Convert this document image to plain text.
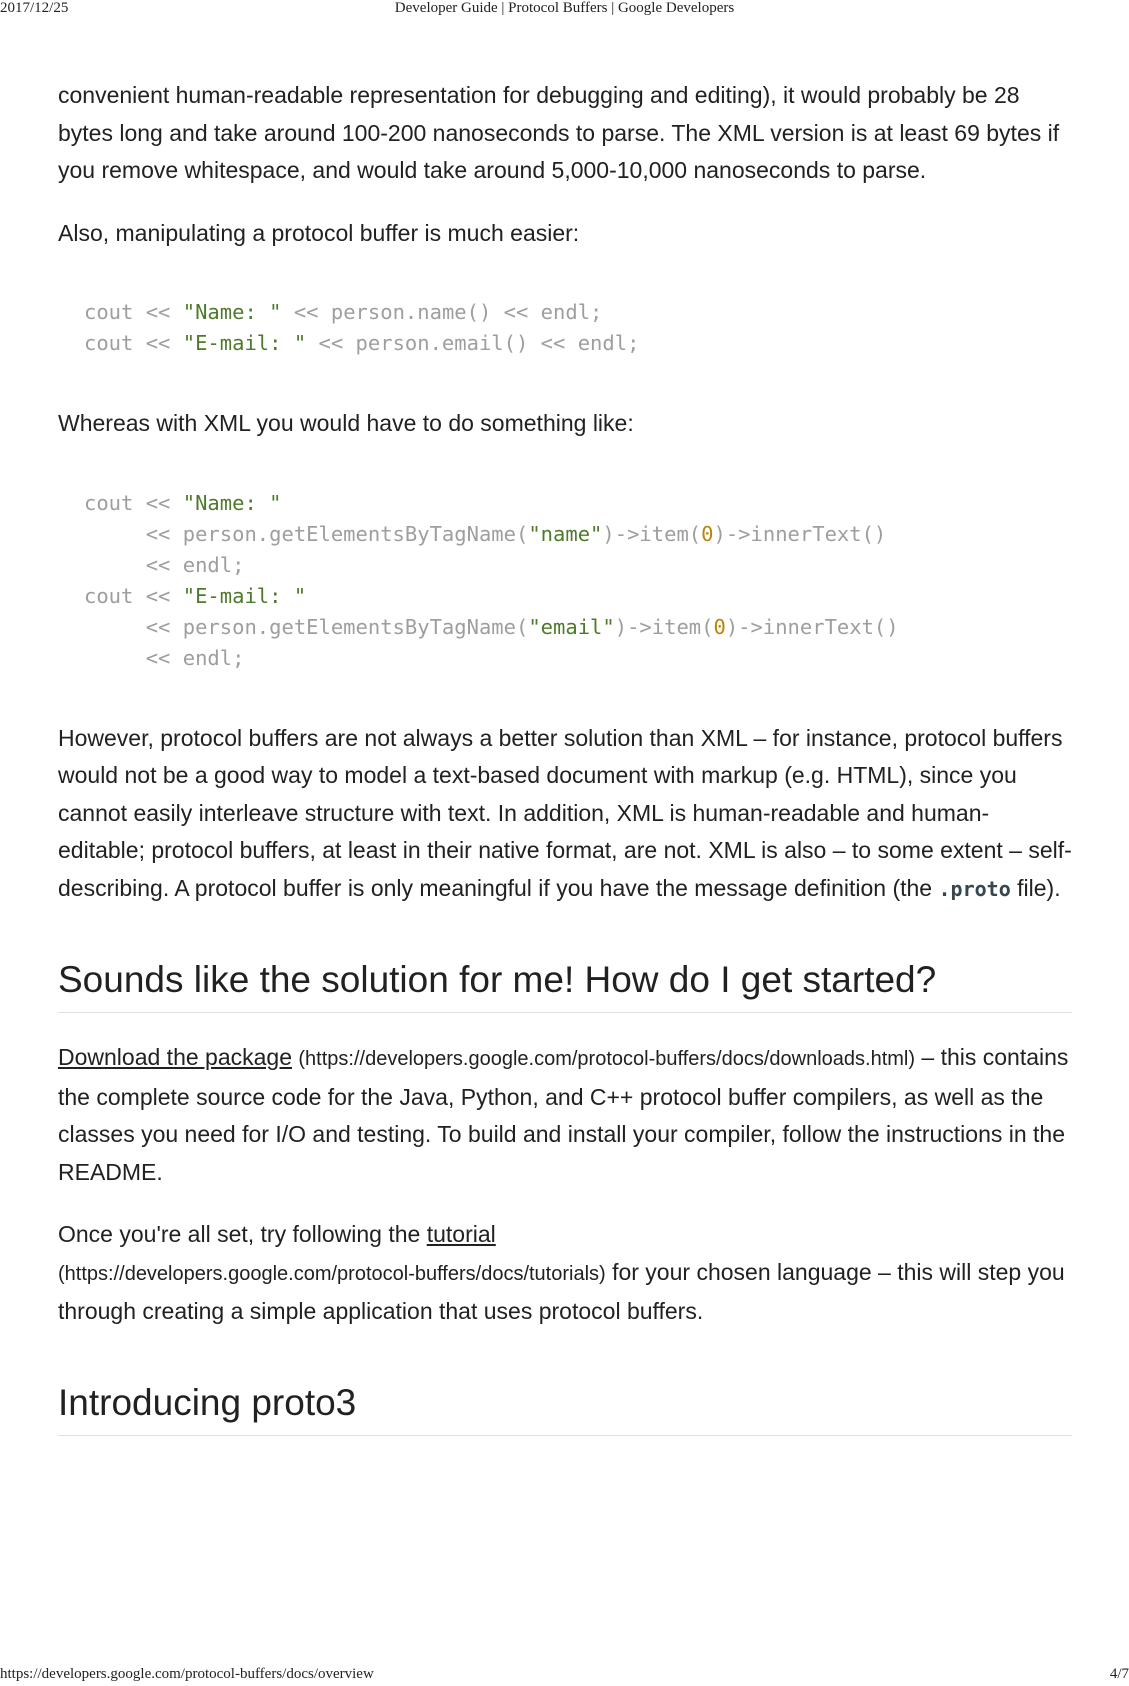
2017/12/25	Developer Guide | Protocol Buffers | Google Developers

convenient human-readable representation for debugging and editing), it would probably be 28 bytes long and take around 100-200 nanoseconds to parse. The XML version is at least 69 bytes if you remove whitespace, and would take around 5,000-10,000 nanoseconds to parse.

Also, manipulating a protocol buffer is much easier:

cout << "Name: " << person.name() << endl;
cout << "E-mail: " << person.email() << endl;

Whereas with XML you would have to do something like:

cout << "Name: "
<< person.getElementsByTagName("name")->item(0)->innerText()
<< endl;
cout << "E-mail: "
<< person.getElementsByTagName("email")->item(0)->innerText()
<< endl;

However, protocol buffers are not always a better solution than XML – for instance, protocol buffers would not be a good way to model a text-based document with markup (e.g. HTML), since you cannot easily interleave structure with text. In addition, XML is human-readable and human-editable; protocol buffers, at least in their native format, are not. XML is also – to some extent – self-describing. A protocol buffer is only meaningful if you have the message definition (the .proto file).

Sounds like the solution for me! How do I get started?

Download the package (https://developers.google.com/protocol-buffers/docs/downloads.html) – this contains the complete source code for the Java, Python, and C++ protocol buffer compilers, as well as the classes you need for I/O and testing. To build and install your compiler, follow the instructions in the README.

Once you're all set, try following the tutorial
(https://developers.google.com/protocol-buffers/docs/tutorials) for your chosen language – this will step you through creating a simple application that uses protocol buffers.

Introducing proto3
https://developers.google.com/protocol-buffers/docs/overview	4/7
